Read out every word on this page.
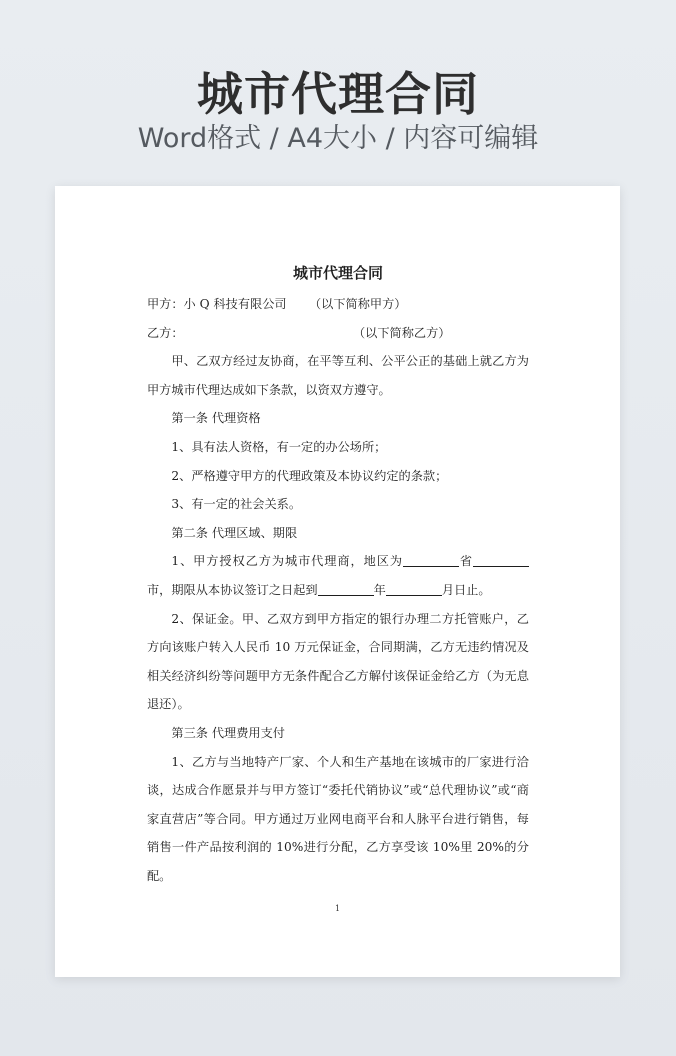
城市代理合同
Word格式 / A4大小 / 内容可编辑
城市代理合同
甲方：小 Q 科技有限公司 （以下简称甲方）
乙方：	（以下简称乙方）
甲、乙双方经过友协商，在平等互利、公平公正的基础上就乙方为甲方城市代理达成如下条款，以资双方遵守。
第一条 代理资格
1、具有法人资格，有一定的办公场所；
2、严格遵守甲方的代理政策及本协议约定的条款；
3、有一定的社会关系。
第二条 代理区域、期限
1、甲方授权乙方为城市代理商，地区为	省市，期限从本协议签订之日起到	年	月日止。
2、保证金。甲、乙双方到甲方指定的银行办理二方托管账户，乙方向该账户转入人民币 10 万元保证金，合同期满，乙方无违约情况及相关经济纠纷等问题甲方无条件配合乙方解付该保证金给乙方（为无息退还）。
第三条 代理费用支付
1、乙方与当地特产厂家、个人和生产基地在该城市的厂家进行洽谈，达成合作愿景并与甲方签订“委托代销协议”或“总代理协议”或“商家直营店”等合同。甲方通过万业网电商平台和人脉平台进行销售，每销售一件产品按利润的 10%进行分配，乙方享受该 10%里 20%的分配。
1
